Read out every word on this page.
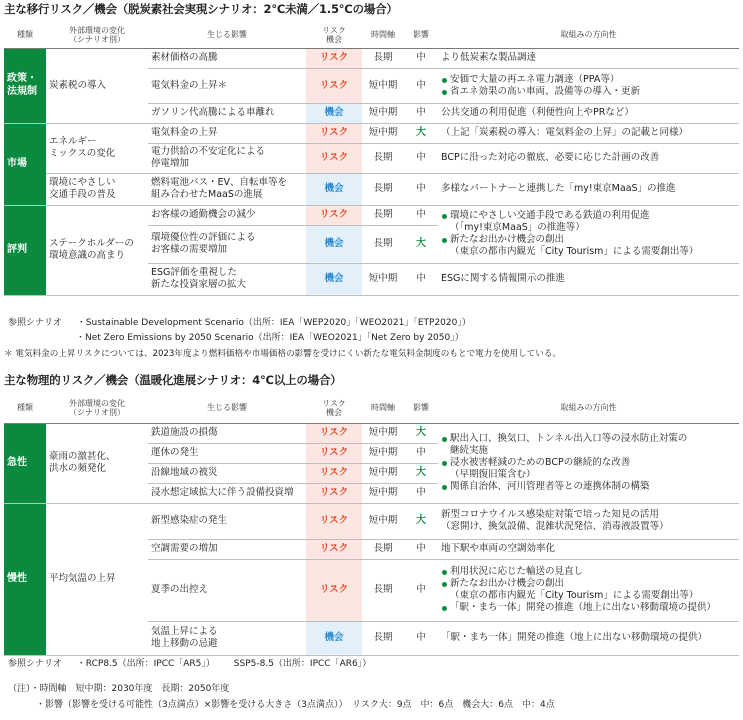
主な移行リスク／機会（脱炭素社会実現シナリオ：2℃未満／1.5℃の場合）
種類	外部環境の変化
（シナリオ別）	生じる影響	リスク
機会	時間軸	影響	取組みの方向性
政策・
法規制	炭素税の導入	素材価格の高騰	リスク	長期	中	より低炭素な製品調達
		電気料金の上昇＊	リスク	短中期	中	安価で大量の再エネ電力調達（PPA等）
省エネ効果の高い車両、設備等の導入・更新

		ガソリン代高騰による車離れ	機会	短中期	中	公共交通の利用促進（利便性向上やPRなど）
市場	エネルギー
ミックスの変化	電気料金の上昇	リスク	短中期	大	（上記「炭素税の導入：電気料金の上昇」の記載と同様）
		電力供給の不安定化による
停電増加	リスク	長期	中	BCPに沿った対応の徹底、必要に応じた計画の改善
	環境にやさしい
交通手段の普及	燃料電池バス・EV、自転車等を
組み合わせたMaaSの進展	機会	長期	中	多様なパートナーと連携した「my!東京MaaS」の推進
評判	ステークホルダーの
環境意識の高まり	お客様の通勤機会の減少	リスク	長期	中	環境にやさしい交通手段である鉄道の利用促進
（「my!東京MaaS」の推進等）
新たなお出かけ機会の創出
（東京の都市内観光「City Tourism」による需要創出等）

		環境優位性の評価による
お客様の需要増加	機会	長期	大	
		ESG評価を重視した
新たな投資家層の拡大	機会	短中期	中	ESGに関する情報開示の推進
参照シナリオ ・Sustainable Development Scenario（出所：IEA「WEP2020」「WEO2021」「ETP2020」）
・Net Zero Emissions by 2050 Scenario（出所：IEA「WEO2021」「Net Zero by 2050」）
＊ 電気料金の上昇リスクについては、2023年度より燃料価格や市場価格の影響を受けにくい新たな電気料金制度のもとで電力を使用している。
主な物理的リスク／機会（温暖化進展シナリオ：4℃以上の場合）
種類	外部環境の変化
（シナリオ別）	生じる影響	リスク
機会	時間軸	影響	取組みの方向性
急性	豪雨の激甚化、
洪水の頻発化	鉄道施設の損傷	リスク	短中期	大	駅出入口、換気口、トンネル出入口等の浸水防止対策の
継続実施
浸水被害軽減のためのBCPの継続的な改善
（早期復旧策含む）
関係自治体、河川管理者等との連携体制の構築

		運休の発生	リスク	短中期	中	
		沿線地域の被災	リスク	短中期	大	
		浸水想定域拡大に伴う設備投資増	リスク	短中期	中	
慢性	平均気温の上昇	新型感染症の発生	リスク	短中期	大	新型コロナウイルス感染症対策で培った知見の活用
（窓開け、換気設備、混雑状況発信、消毒液設置等）
		空調需要の増加	リスク	長期	中	地下駅や車両の空調効率化
		夏季の出控え	リスク	長期	中	利用状況に応じた輸送の見直し
新たなお出かけ機会の創出
（東京の都市内観光「City Tourism」による需要創出等）
「駅・まち一体」開発の推進（地上に出ない移動環境の提供）

		気温上昇による
地上移動の忌避	機会	長期	中	「駅・まち一体」開発の推進（地上に出ない移動環境の提供）
参照シナリオ ・RCP8.5（出所：IPCC「AR5」） SSP5-8.5（出所：IPCC「AR6」）
（注）・時間軸　短中期：2030年度　長期：2050年度
・影響（影響を受ける可能性（3点満点）×影響を受ける大きさ（3点満点））　リスク大：9点　中：6点　機会大：6点　中：4点
